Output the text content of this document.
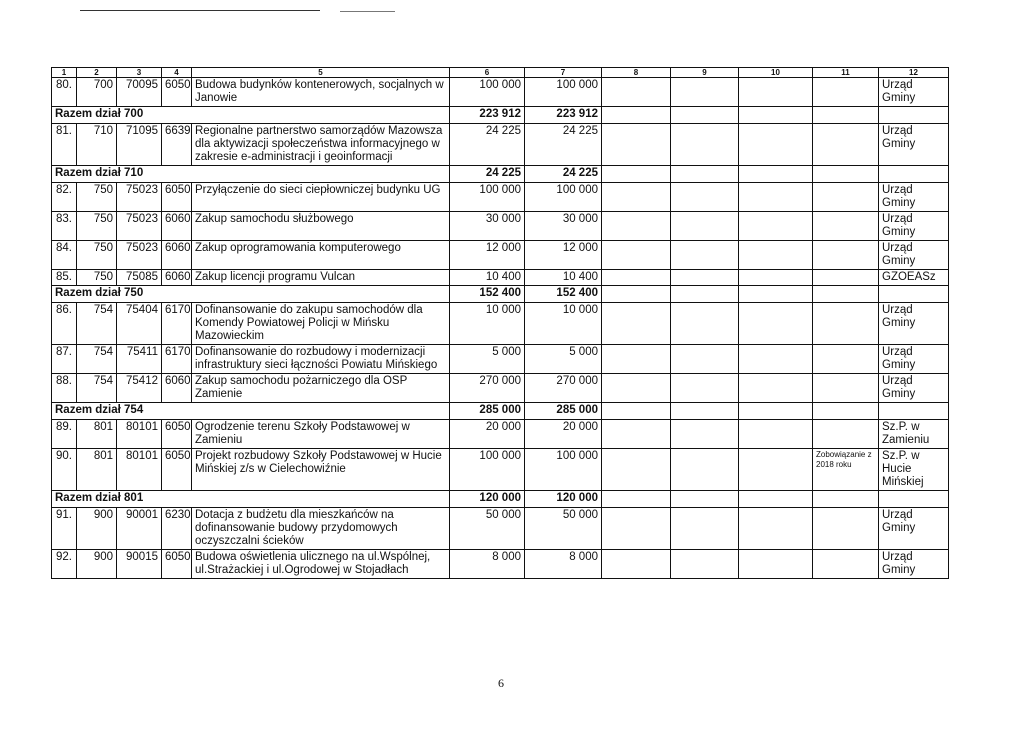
1	2	3	4	5	6	7	8	9	10	11	12
80.	700	70095	6050	Budowa budynków kontenerowych, socjalnych w Janowie	100 000	100 000					Urząd Gminy
Razem dział 700					223 912	223 912					
81.	710	71095	6639	Regionalne partnerstwo samorządów Mazowsza dla aktywizacji społeczeństwa informacyjnego w zakresie e-administracji i geoinformacji	24 225	24 225					Urząd Gminy
Razem dział 710					24 225	24 225					
82.	750	75023	6050	Przyłączenie do sieci ciepłowniczej budynku UG	100 000	100 000					Urząd Gminy
83.	750	75023	6060	Zakup samochodu służbowego	30 000	30 000					Urząd Gminy
84.	750	75023	6060	Zakup oprogramowania komputerowego	12 000	12 000					Urząd Gminy
85.	750	75085	6060	Zakup licencji programu Vulcan	10 400	10 400					GZOEASz
Razem dział 750					152 400	152 400					
86.	754	75404	6170	Dofinansowanie do zakupu samochodów dla Komendy Powiatowej Policji w Mińsku Mazowieckim	10 000	10 000					Urząd Gminy
87.	754	75411	6170	Dofinansowanie do rozbudowy i modernizacji infrastruktury sieci łączności Powiatu Mińskiego	5 000	5 000					Urząd Gminy
88.	754	75412	6060	Zakup samochodu pożarniczego dla OSP Zamienie	270 000	270 000					Urząd Gminy
Razem dział 754					285 000	285 000					
89.	801	80101	6050	Ogrodzenie terenu Szkoły Podstawowej w Zamieniu	20 000	20 000					Sz.P. w Zamieniu
90.	801	80101	6050	Projekt rozbudowy Szkoły Podstawowej w Hucie Mińskiej z/s w Cielechowiźnie	100 000	100 000				Zobowiązanie z 2018 roku	Sz.P. w Hucie Mińskiej
Razem dział 801					120 000	120 000					
91.	900	90001	6230	Dotacja z budżetu dla mieszkańców na dofinansowanie budowy przydomowych oczyszczalni ścieków	50 000	50 000					Urząd Gminy
92.	900	90015	6050	Budowa oświetlenia ulicznego na ul.Wspólnej, ul.Strażackiej i ul.Ogrodowej w Stojadłach	8 000	8 000					Urząd Gminy
6
